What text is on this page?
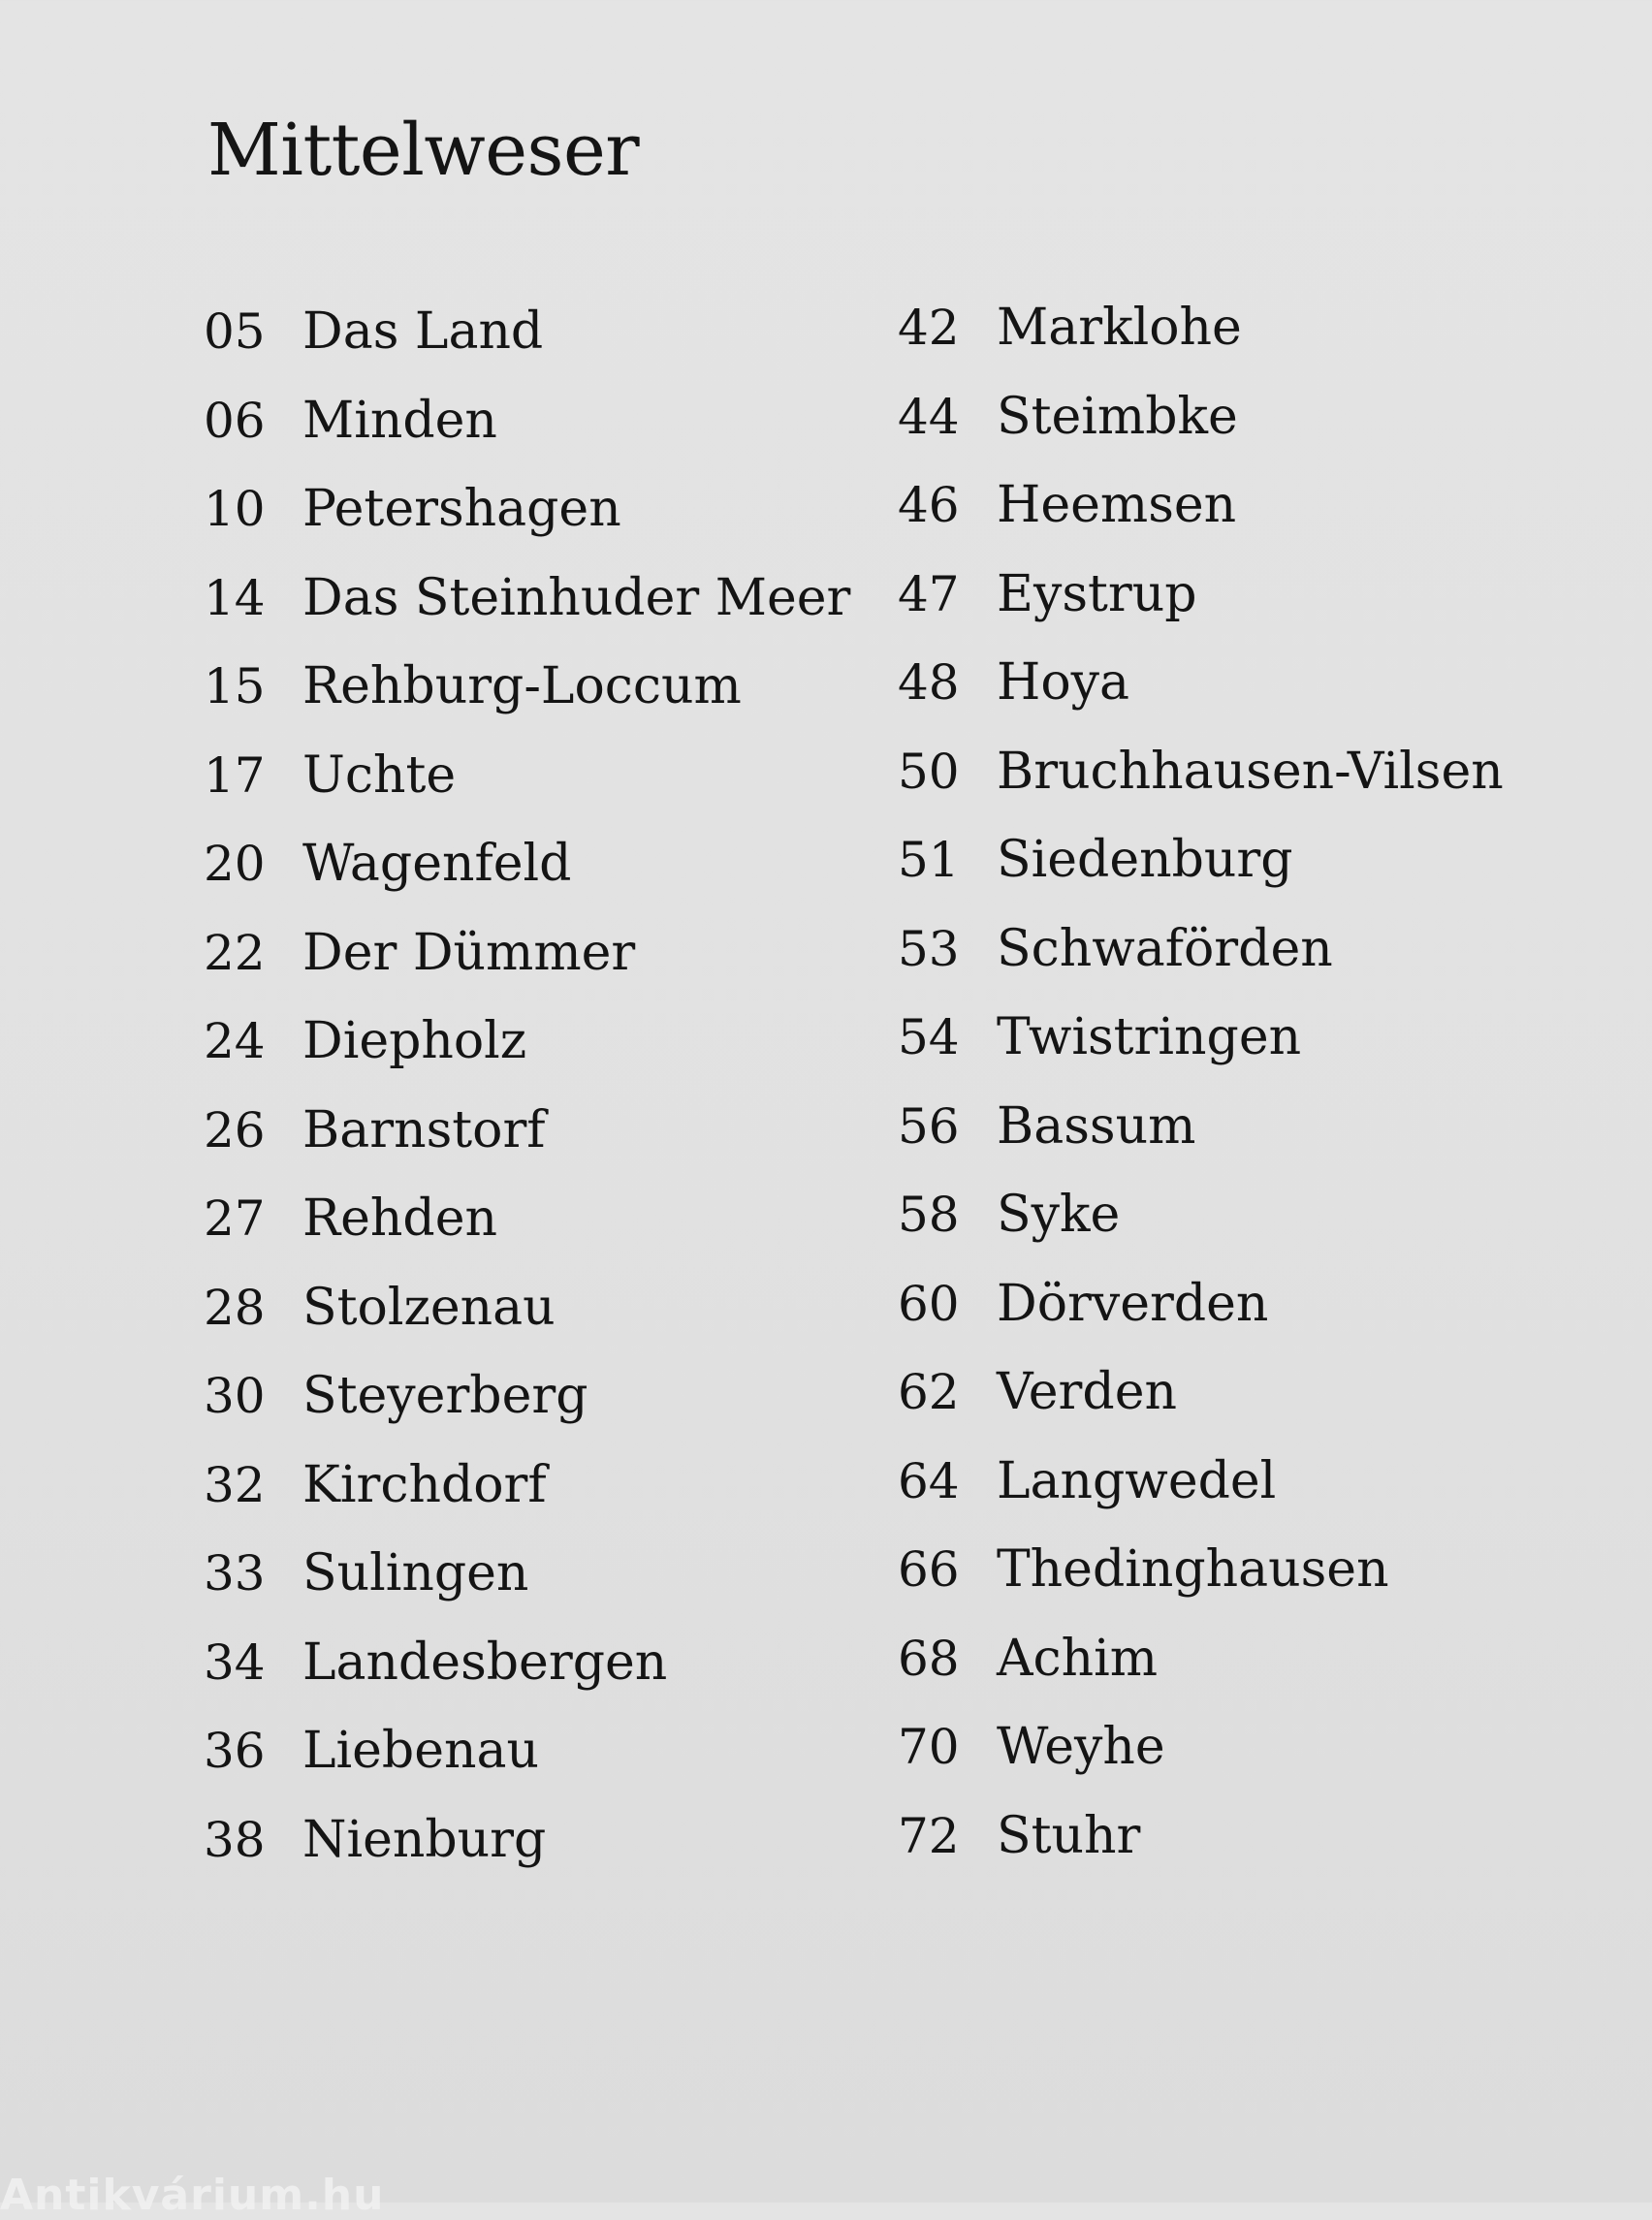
Mittelweser
05 Das Land
06 Minden
10 Petershagen
14 Das Steinhuder Meer
15 Rehburg-Loccum
17 Uchte
20 Wagenfeld
22 Der Dümmer
24 Diepholz
26 Barnstorf
27 Rehden
28 Stolzenau
30 Steyerberg
32 Kirchdorf
33 Sulingen
34 Landesbergen
36 Liebenau
38 Nienburg
42 Marklohe
44 Steimbke
46 Heemsen
47 Eystrup
48 Hoya
50 Bruchhausen-Vilsen
51 Siedenburg
53 Schwaförden
54 Twistringen
56 Bassum
58 Syke
60 Dörverden
62 Verden
64 Langwedel
66 Thedinghausen
68 Achim
70 Weyhe
72 Stuhr
Antikvárium.hu
